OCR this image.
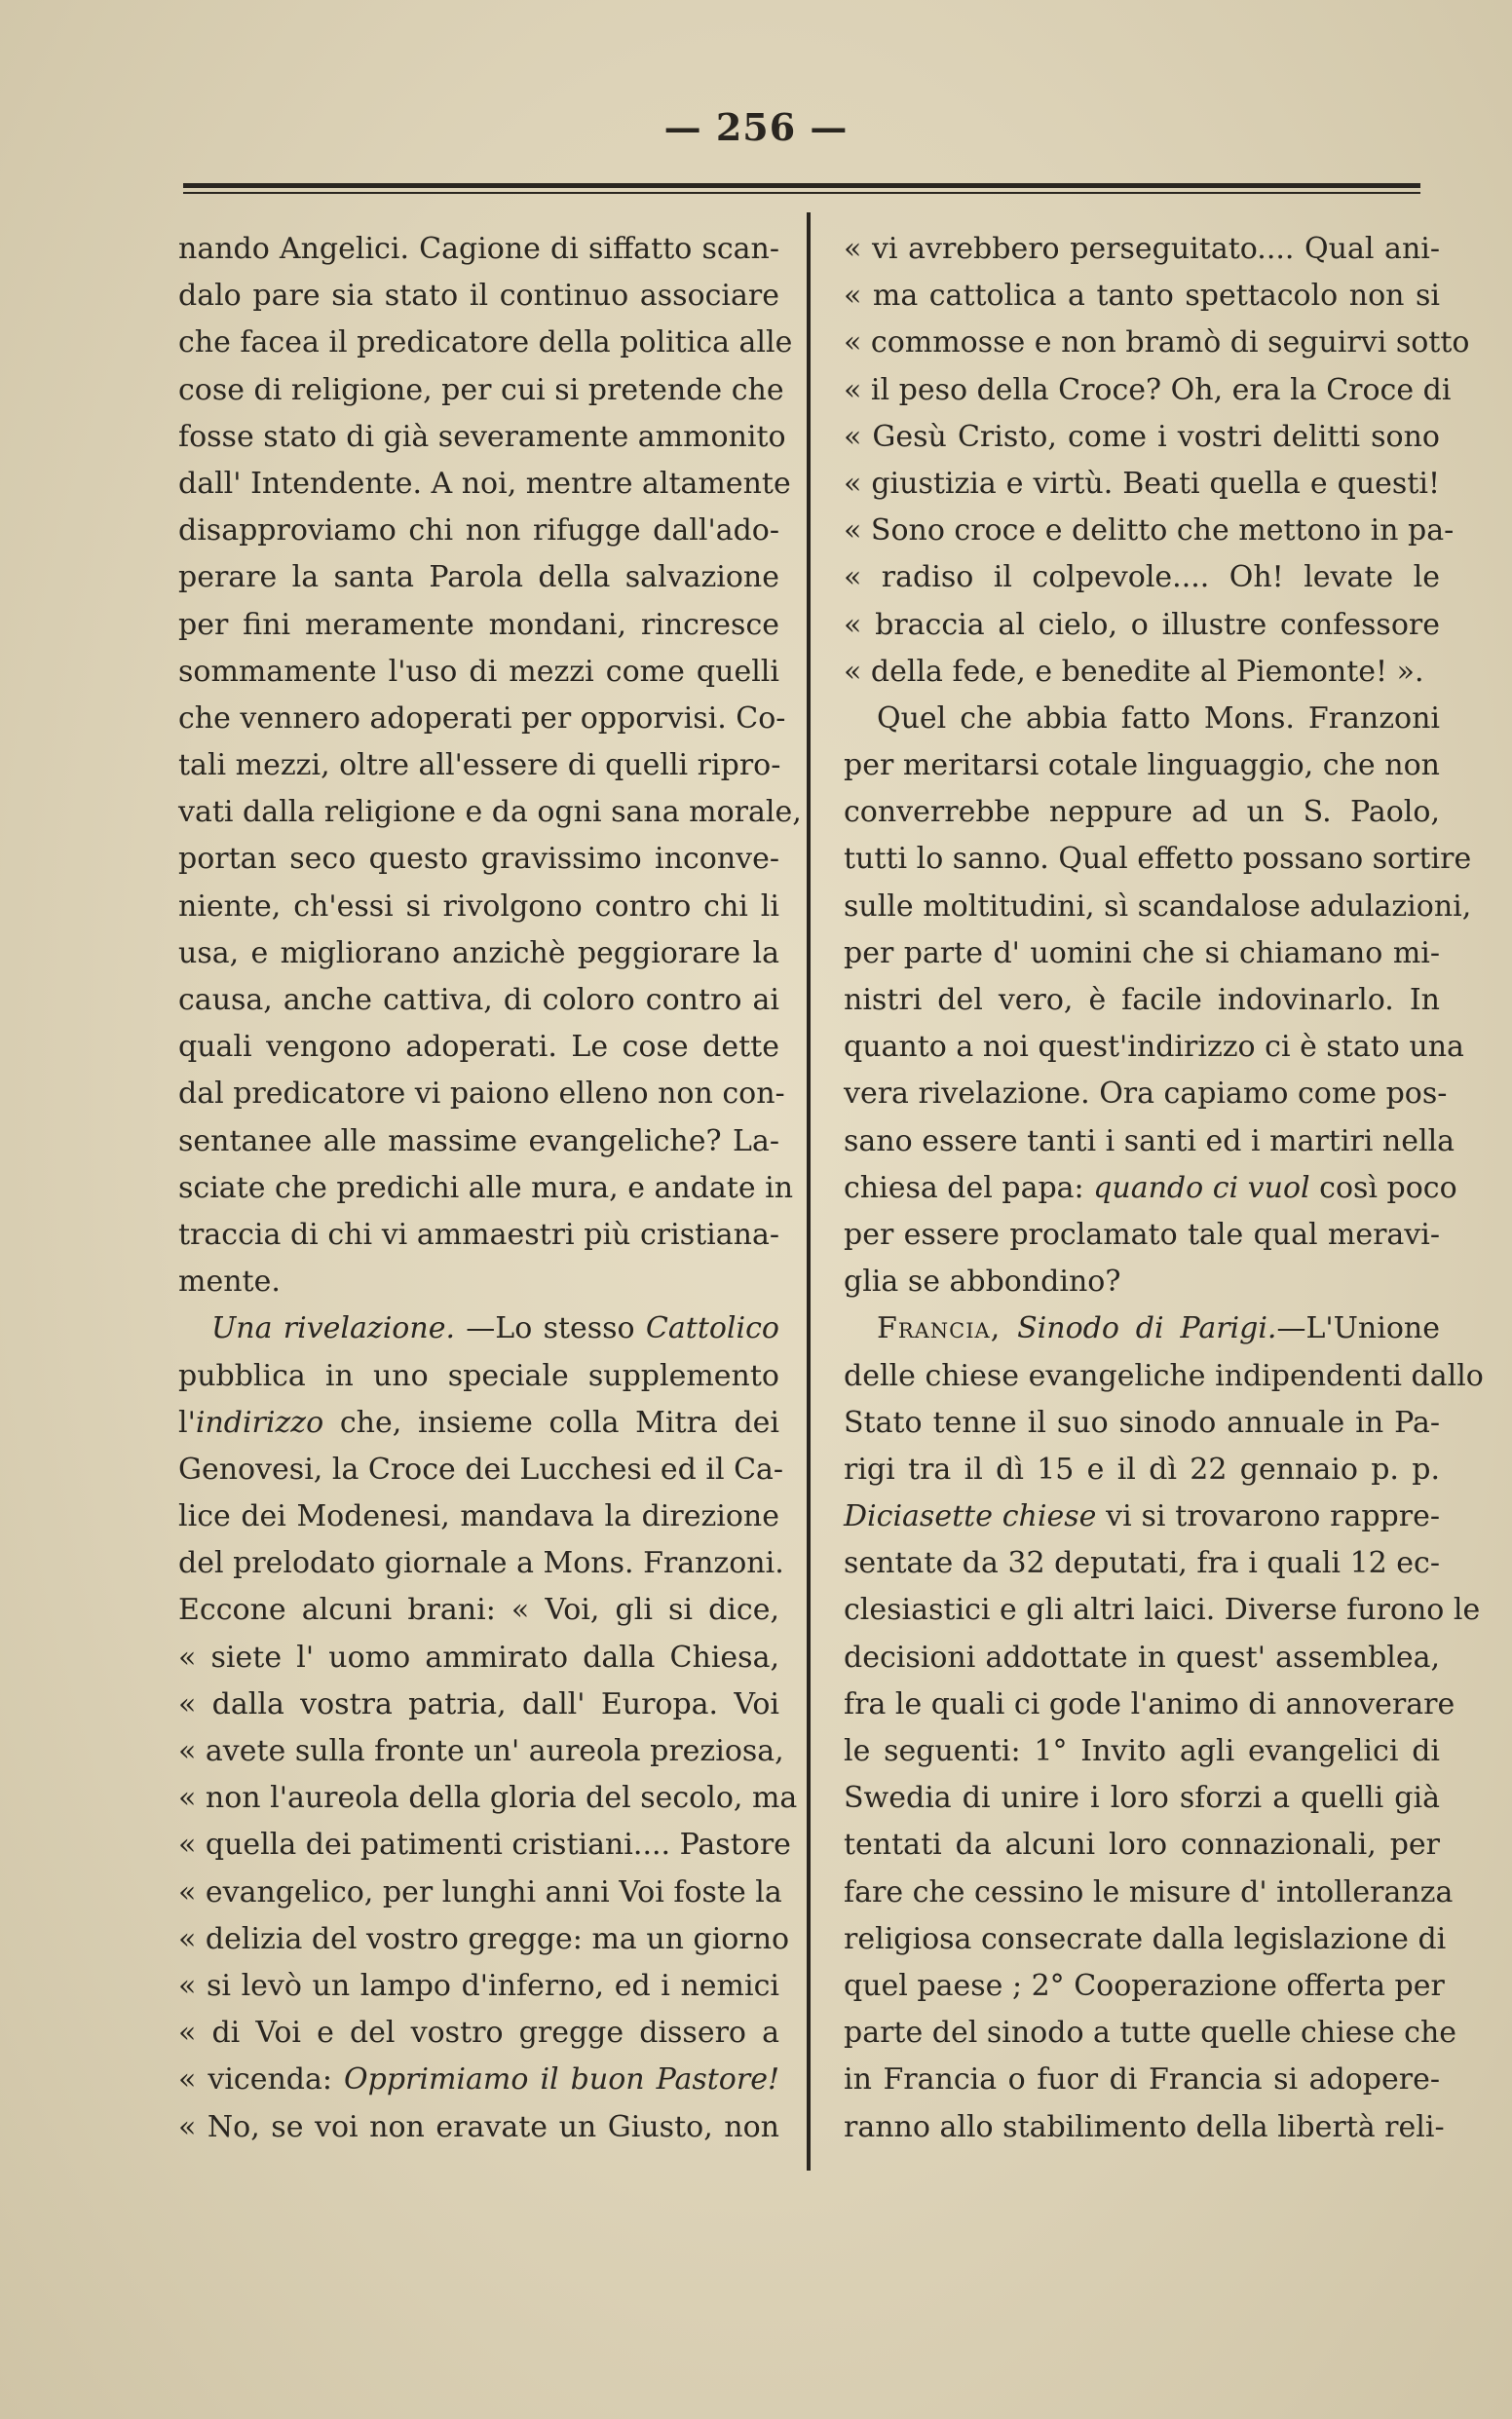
— 256 —
nando Angelici. Cagione di siffatto scan-
dalo pare sia stato il continuo associare
che facea il predicatore della politica alle
cose di religione, per cui si pretende che
fosse stato di già severamente ammonito
dall' Intendente. A noi, mentre altamente
disapproviamo chi non rifugge dall'ado-
perare la santa Parola della salvazione
per fini meramente mondani, rincresce
sommamente l'uso di mezzi come quelli
che vennero adoperati per opporvisi. Co-
tali mezzi, oltre all'essere di quelli ripro-
vati dalla religione e da ogni sana morale,
portan seco questo gravissimo inconve-
niente, ch'essi si rivolgono contro chi li
usa, e migliorano anzichè peggiorare la
causa, anche cattiva, di coloro contro ai
quali vengono adoperati. Le cose dette
dal predicatore vi paiono elleno non con-
sentanee alle massime evangeliche? La-
sciate che predichi alle mura, e andate in
traccia di chi vi ammaestri più cristiana-
mente.
Una rivelazione. —Lo stesso Cattolico
pubblica in uno speciale supplemento
l'indirizzo che, insieme colla Mitra dei
Genovesi, la Croce dei Lucchesi ed il Ca-
lice dei Modenesi, mandava la direzione
del prelodato giornale a Mons. Franzoni.
Eccone alcuni brani: « Voi, gli si dice,
« siete l' uomo ammirato dalla Chiesa,
« dalla vostra patria, dall' Europa. Voi
« avete sulla fronte un' aureola preziosa,
« non l'aureola della gloria del secolo, ma
« quella dei patimenti cristiani.... Pastore
« evangelico, per lunghi anni Voi foste la
« delizia del vostro gregge: ma un giorno
« si levò un lampo d'inferno, ed i nemici
« di Voi e del vostro gregge dissero a
« vicenda: Opprimiamo il buon Pastore!
« No, se voi non eravate un Giusto, non
« vi avrebbero perseguitato.... Qual ani-
« ma cattolica a tanto spettacolo non si
« commosse e non bramò di seguirvi sotto
« il peso della Croce? Oh, era la Croce di
« Gesù Cristo, come i vostri delitti sono
« giustizia e virtù. Beati quella e questi!
« Sono croce e delitto che mettono in pa-
« radiso il colpevole.... Oh! levate le
« braccia al cielo, o illustre confessore
« della fede, e benedite al Piemonte! ».
Quel che abbia fatto Mons. Franzoni
per meritarsi cotale linguaggio, che non
converrebbe neppure ad un S. Paolo,
tutti lo sanno. Qual effetto possano sortire
sulle moltitudini, sì scandalose adulazioni,
per parte d' uomini che si chiamano mi-
nistri del vero, è facile indovinarlo. In
quanto a noi quest'indirizzo ci è stato una
vera rivelazione. Ora capiamo come pos-
sano essere tanti i santi ed i martiri nella
chiesa del papa: quando ci vuol così poco
per essere proclamato tale qual meravi-
glia se abbondino?
Francia, Sinodo di Parigi.—L'Unione
delle chiese evangeliche indipendenti dallo
Stato tenne il suo sinodo annuale in Pa-
rigi tra il dì 15 e il dì 22 gennaio p. p.
Diciasette chiese vi si trovarono rappre-
sentate da 32 deputati, fra i quali 12 ec-
clesiastici e gli altri laici. Diverse furono le
decisioni addottate in quest' assemblea,
fra le quali ci gode l'animo di annoverare
le seguenti: 1° Invito agli evangelici di
Swedia di unire i loro sforzi a quelli già
tentati da alcuni loro connazionali, per
fare che cessino le misure d' intolleranza
religiosa consecrate dalla legislazione di
quel paese ; 2° Cooperazione offerta per
parte del sinodo a tutte quelle chiese che
in Francia o fuor di Francia si adopere-
ranno allo stabilimento della libertà reli-
